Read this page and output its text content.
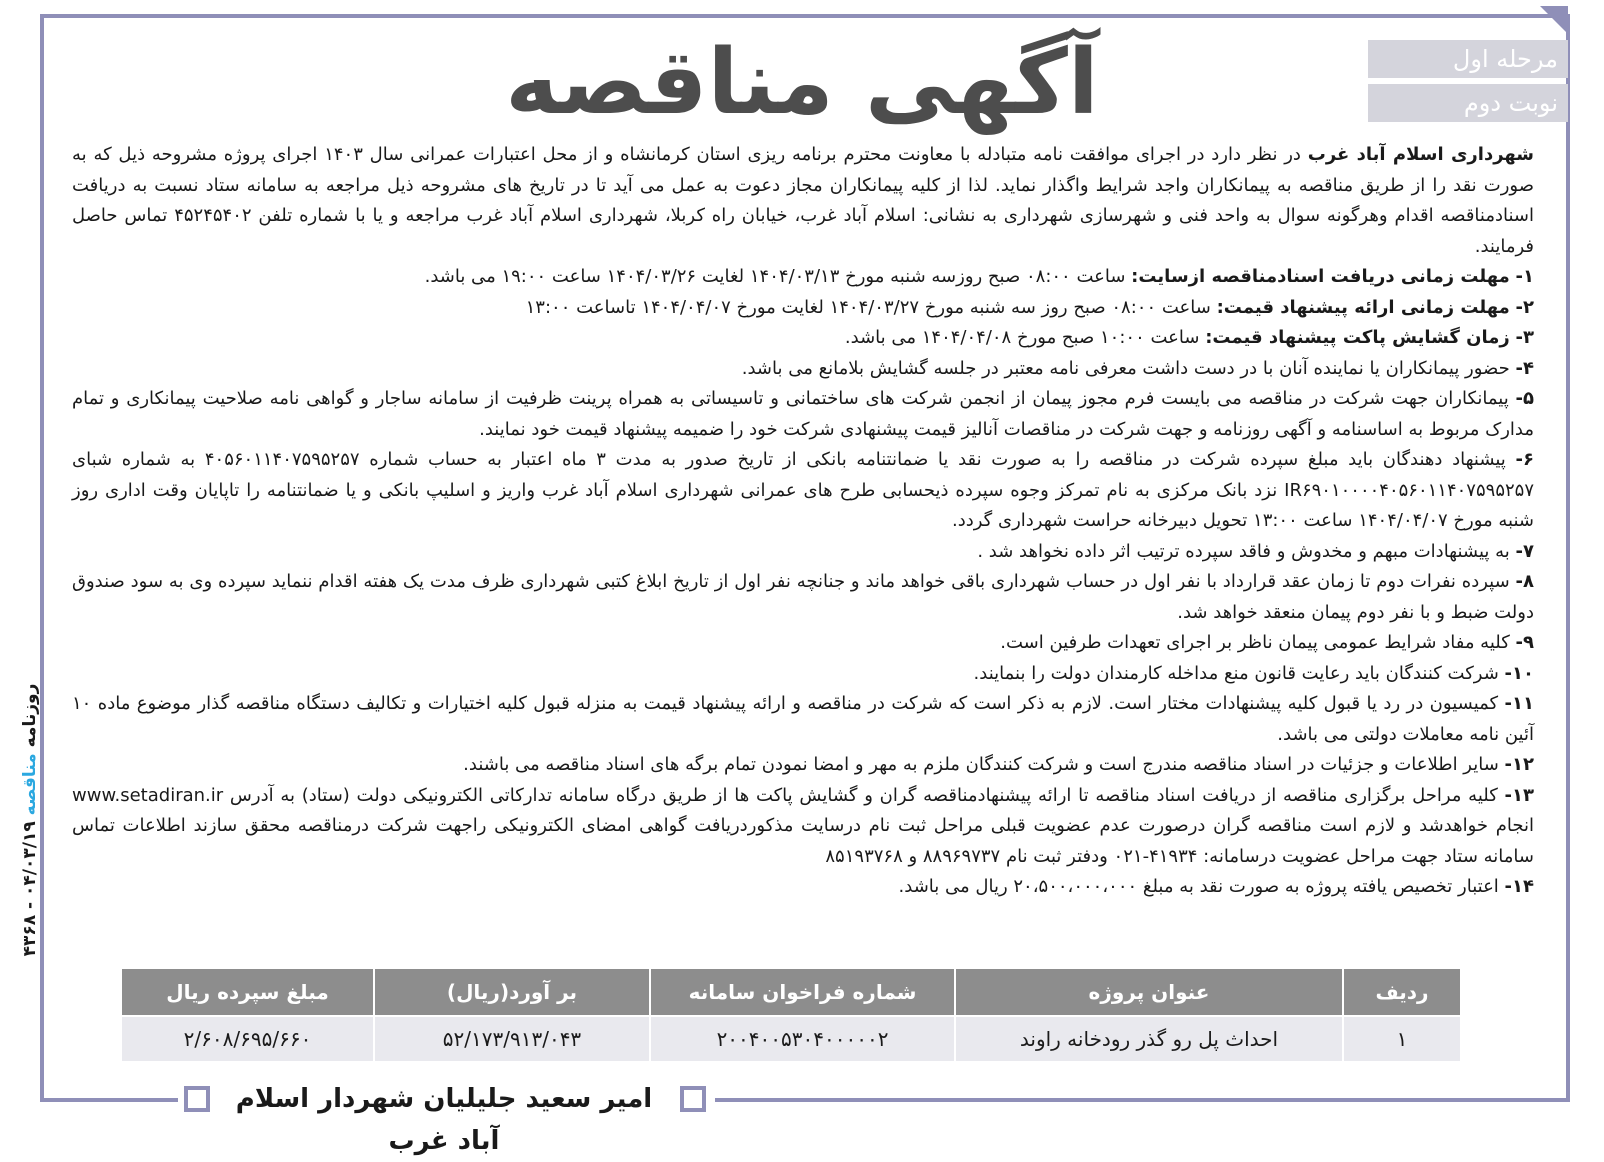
مرحله اول
نوبت دوم
آگهی مناقصه

شهرداری اسلام آباد غرب در نظر دارد در اجرای موافقت نامه متبادله با معاونت محترم برنامه ریزی استان کرمانشاه و از محل اعتبارات عمرانی سال ۱۴۰۳ اجرای پروژه مشروحه ذیل که به صورت نقد را از طریق مناقصه به پیمانکاران واجد شرایط واگذار نماید. لذا از کلیه پیمانکاران مجاز دعوت به عمل می آید تا در تاریخ های مشروحه ذیل مراجعه به سامانه ستاد نسبت به دریافت اسنادمناقصه اقدام وهرگونه سوال به واحد فنی و شهرسازی شهرداری به نشانی: اسلام آباد غرب، خیابان راه کربلا، شهرداری اسلام آباد غرب مراجعه و یا با شماره تلفن ۴۵۲۴۵۴۰۲ تماس حاصل فرمایند.

۱- مهلت زمانی دریافت اسنادمناقصه ازسایت: ساعت ۰۸:۰۰ صبح روزسه شنبه مورخ ۱۴۰۴/۰۳/۱۳ لغایت ۱۴۰۴/۰۳/۲۶ ساعت ۱۹:۰۰ می باشد.

۲- مهلت زمانی ارائه پیشنهاد قیمت: ساعت ۰۸:۰۰ صبح روز سه شنبه مورخ ۱۴۰۴/۰۳/۲۷ لغایت مورخ ۱۴۰۴/۰۴/۰۷ تاساعت ۱۳:۰۰

۳- زمان گشایش پاکت پیشنهاد قیمت: ساعت ۱۰:۰۰ صبح مورخ ۱۴۰۴/۰۴/۰۸ می باشد.

۴- حضور پیمانکاران یا نماینده آنان با در دست داشت معرفی نامه معتبر در جلسه گشایش بلامانع می باشد.

۵- پیمانکاران جهت شرکت در مناقصه می بایست فرم مجوز پیمان از انجمن شرکت های ساختمانی و تاسیساتی به همراه پرینت ظرفیت از سامانه ساجار و گواهی نامه صلاحیت پیمانکاری و تمام مدارک مربوط به اساسنامه و آگهی روزنامه و جهت شرکت در مناقصات آنالیز قیمت پیشنهادی شرکت خود را ضمیمه پیشنهاد قیمت خود نمایند.

۶- پیشنهاد دهندگان باید مبلغ سپرده شرکت در مناقصه را به صورت نقد یا ضمانتنامه بانکی از تاریخ صدور به مدت ۳ ماه اعتبار به حساب شماره ۴۰۵۶۰۱۱۴۰۷۵۹۵۲۵۷ به شماره شبای IR۶۹۰۱۰۰۰۰۴۰۵۶۰۱۱۴۰۷۵۹۵۲۵۷ نزد بانک مرکزی به نام تمرکز وجوه سپرده ذیحسابی طرح های عمرانی شهرداری اسلام آباد غرب واریز و اسلیپ بانکی و یا ضمانتنامه را تاپایان وقت اداری روز شنبه مورخ ۱۴۰۴/۰۴/۰۷ ساعت ۱۳:۰۰ تحویل دبیرخانه حراست شهرداری گردد.

۷- به پیشنهادات مبهم و مخدوش و فاقد سپرده ترتیب اثر داده نخواهد شد .

۸- سپرده نفرات دوم تا زمان عقد قرارداد با نفر اول در حساب شهرداری باقی خواهد ماند و جنانچه نفر اول از تاریخ ابلاغ کتبی شهرداری ظرف مدت یک هفته اقدام ننماید سپرده وی به سود صندوق دولت ضبط و با نفر دوم پیمان منعقد خواهد شد.

۹- کلیه مفاد شرایط عمومی پیمان ناظر بر اجرای تعهدات طرفین است.

۱۰- شرکت کنندگان باید رعایت قانون منع مداخله کارمندان دولت را بنمایند.

۱۱- کمیسیون در رد یا قبول کلیه پیشنهادات مختار است. لازم به ذکر است که شرکت در مناقصه و ارائه پیشنهاد قیمت به منزله قبول کلیه اختیارات و تکالیف دستگاه مناقصه گذار موضوع ماده ۱۰ آئین نامه معاملات دولتی می باشد.

۱۲- سایر اطلاعات و جزئیات در اسناد مناقصه مندرج است و شرکت کنندگان ملزم به مهر و امضا نمودن تمام برگه های اسناد مناقصه می باشند.

۱۳- کلیه مراحل برگزاری مناقصه از دریافت اسناد مناقصه تا ارائه پیشنهادمناقصه گران و گشایش پاکت ها از طریق درگاه سامانه تدارکاتی الکترونیکی دولت (ستاد) به آدرس www.setadiran.ir انجام خواهدشد و لازم است مناقصه گران درصورت عدم عضویت قبلی مراحل ثبت نام درسایت مذکوردریافت گواهی امضای الکترونیکی راجهت شرکت درمناقصه محقق سازند اطلاعات تماس سامانه ستاد جهت مراحل عضویت درسامانه: ۴۱۹۳۴-۰۲۱ ودفتر ثبت نام ۸۸۹۶۹۷۳۷ و ۸۵۱۹۳۷۶۸

۱۴- اعتبار تخصیص یافته پروژه به صورت نقد به مبلغ ۲۰،۵۰۰،۰۰۰،۰۰۰ ریال می باشد.

روزنامه مناقصه ۰۴/۰۳/۱۹ - ۴۳۶۸
ردیف	عنوان پروژه	شماره فراخوان سامانه	بر آورد(ریال)	مبلغ سپرده ریال
۱	احداث پل رو گذر رودخانه راوند	۲۰۰۴۰۰۵۳۰۴۰۰۰۰۰۲	۵۲/۱۷۳/۹۱۳/۰۴۳	۲/۶۰۸/۶۹۵/۶۶۰
امیر سعید جلیلیان شهردار اسلام آباد غرب
